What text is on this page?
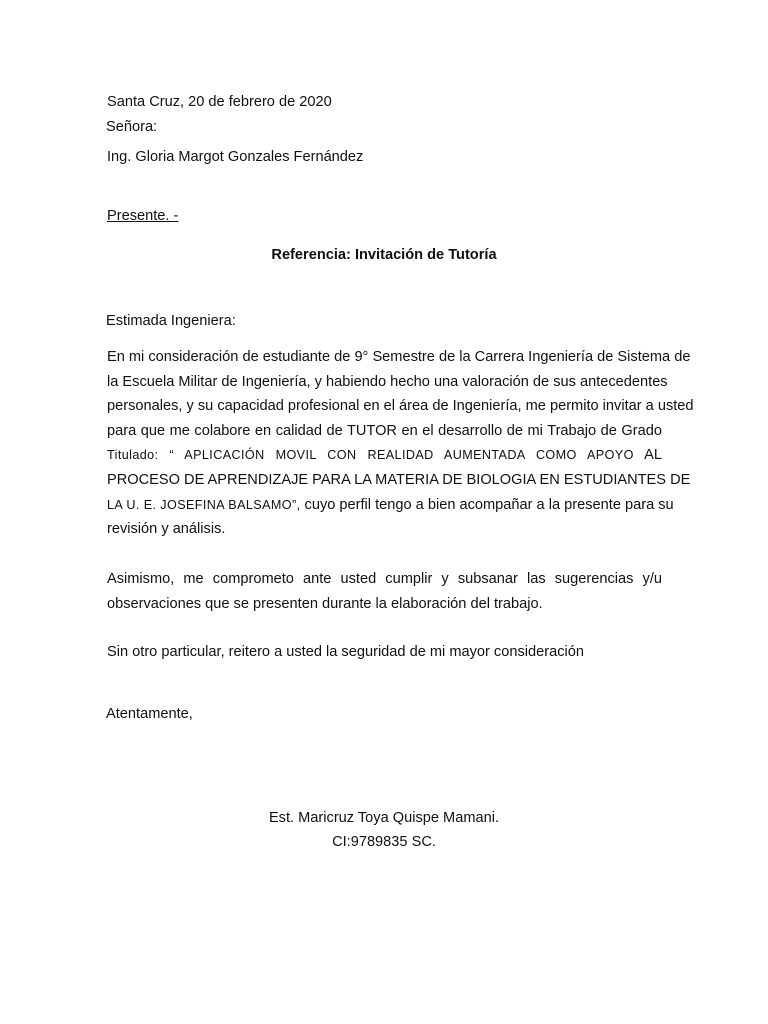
Santa Cruz, 20 de febrero de 2020
Señora:
Ing. Gloria Margot Gonzales Fernández
Presente. -
Referencia: Invitación de Tutoría
Estimada Ingeniera:
En mi consideración de estudiante de 9° Semestre de la Carrera Ingeniería de Sistema de
la Escuela Militar de Ingeniería, y habiendo hecho una valoración de sus antecedentes
personales, y su capacidad profesional en el área de Ingeniería, me permito invitar a usted
para que me colabore en calidad de TUTOR en el desarrollo de mi Trabajo de Grado
Titulado: “ APLICACIÓN MOVIL CON REALIDAD AUMENTADA COMO APOYO AL
PROCESO DE APRENDIZAJE PARA LA MATERIA DE BIOLOGIA EN ESTUDIANTES DE
LA U. E. JOSEFINA BALSAMO”, cuyo perfil tengo a bien acompañar a la presente para su
revisión y análisis.
Asimismo, me comprometo ante usted cumplir y subsanar las sugerencias y/u
observaciones que se presenten durante la elaboración del trabajo.
Sin otro particular, reitero a usted la seguridad de mi mayor consideración
Atentamente,
Est. Maricruz Toya Quispe Mamani.
CI:9789835 SC.
